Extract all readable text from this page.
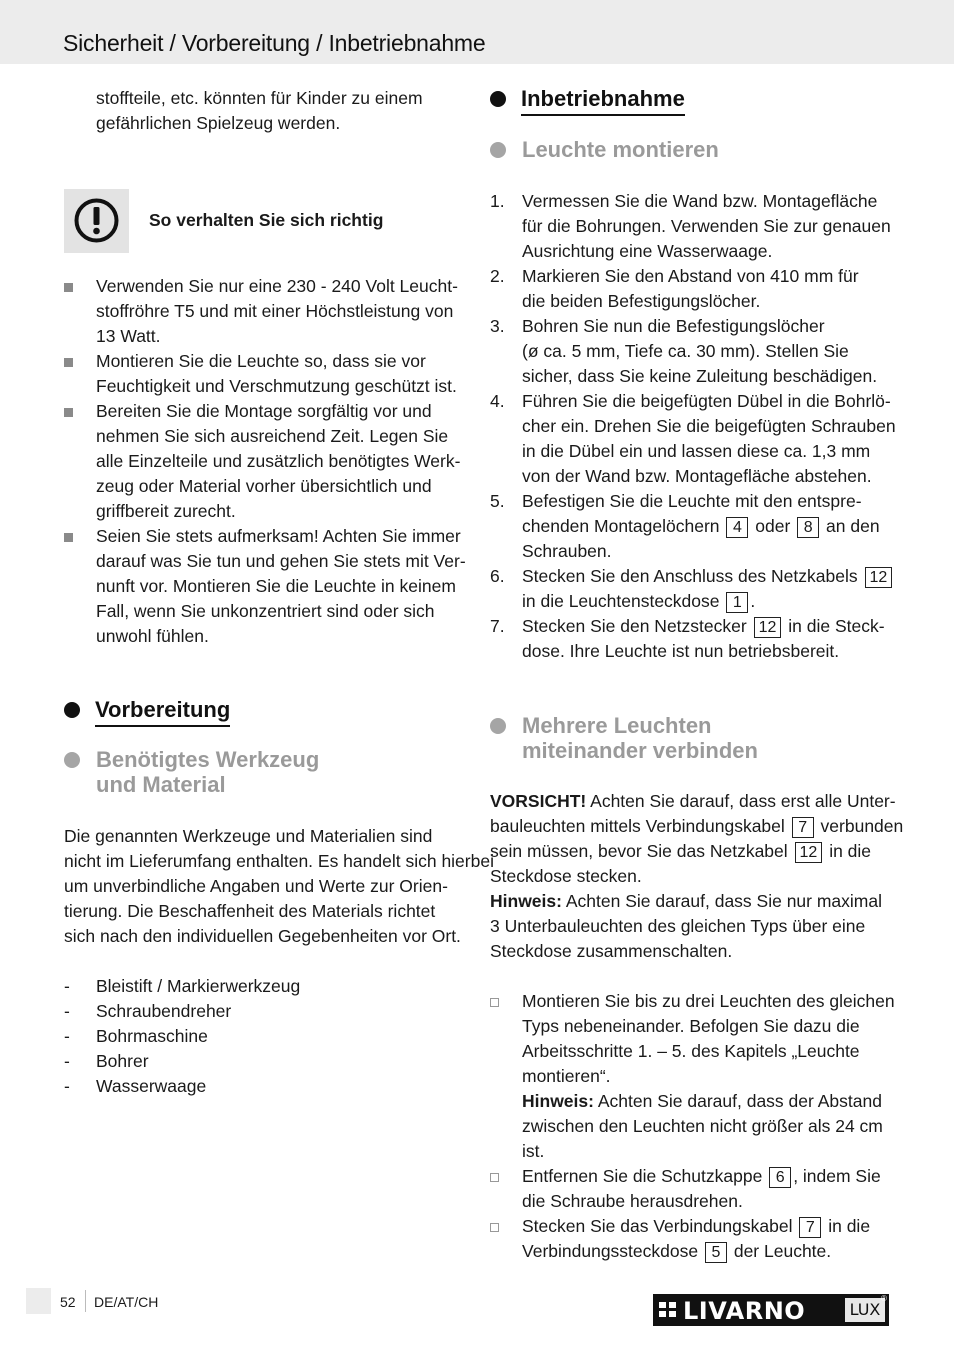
Sicherheit / Vorbereitung / Inbetriebnahme
stoffteile, etc. könnten für Kinder zu einem
gefährlichen Spielzeug werden.
So verhalten Sie sich richtig
Verwenden Sie nur eine 230 - 240 Volt Leucht-
stoffröhre T5 und mit einer Höchstleistung von
13 Watt.
Montieren Sie die Leuchte so, dass sie vor
Feuchtigkeit und Verschmutzung geschützt ist.
Bereiten Sie die Montage sorgfältig vor und
nehmen Sie sich ausreichend Zeit. Legen Sie
alle Einzelteile und zusätzlich benötigtes Werk-
zeug oder Material vorher übersichtlich und
griffbereit zurecht.
Seien Sie stets aufmerksam! Achten Sie immer
darauf was Sie tun und gehen Sie stets mit Ver-
nunft vor. Montieren Sie die Leuchte in keinem
Fall, wenn Sie unkonzentriert sind oder sich
unwohl fühlen.
Vorbereitung
Benötigtes Werkzeug
und Material
Die genannten Werkzeuge und Materialien sind
nicht im Lieferumfang enthalten. Es handelt sich hierbei
um unverbindliche Angaben und Werte zur Orien-
tierung. Die Beschaffenheit des Materials richtet
sich nach den individuellen Gegebenheiten vor Ort.
- Bleistift / Markierwerkzeug
- Schraubendreher
- Bohrmaschine
- Bohrer
- Wasserwaage
Inbetriebnahme
Leuchte montieren
1. Vermessen Sie die Wand bzw. Montagefläche
für die Bohrungen. Verwenden Sie zur genauen
Ausrichtung eine Wasserwaage.
2. Markieren Sie den Abstand von 410 mm für
die beiden Befestigungslöcher.
3. Bohren Sie nun die Befestigungslöcher
(ø ca. 5 mm, Tiefe ca. 30 mm). Stellen Sie
sicher, dass Sie keine Zuleitung beschädigen.
4. Führen Sie die beigefügten Dübel in die Bohrlö-
cher ein. Drehen Sie die beigefügten Schrauben
in die Dübel ein und lassen diese ca. 1,3 mm
von der Wand bzw. Montagefläche abstehen.
5. Befestigen Sie die Leuchte mit den entspre-
chenden Montagelöchern 4 oder 8 an den
Schrauben.
6. Stecken Sie den Anschluss des Netzkabels 12
in die Leuchtensteckdose 1 .
7. Stecken Sie den Netzstecker 12 in die Steck-
dose. Ihre Leuchte ist nun betriebsbereit.
Mehrere Leuchten
miteinander verbinden
VORSICHT! Achten Sie darauf, dass erst alle Unter-
bauleuchten mittels Verbindungskabel 7 verbunden
sein müssen, bevor Sie das Netzkabel 12 in die
Steckdose stecken.
Hinweis: Achten Sie darauf, dass Sie nur maximal
3 Unterbauleuchten des gleichen Typs über eine
Steckdose zusammenschalten.
Montieren Sie bis zu drei Leuchten des gleichen
Typs nebeneinander. Befolgen Sie dazu die
Arbeitsschritte 1. – 5. des Kapitels „Leuchte
montieren“.
Hinweis: Achten Sie darauf, dass der Abstand
zwischen den Leuchten nicht größer als 24 cm
ist.
Entfernen Sie die Schutzkappe 6 , indem Sie
die Schraube herausdrehen.
Stecken Sie das Verbindungskabel 7 in die
Verbindungssteckdose 5 der Leuchte.
52 DE/AT/CH	LIVARNO	LUX
®
